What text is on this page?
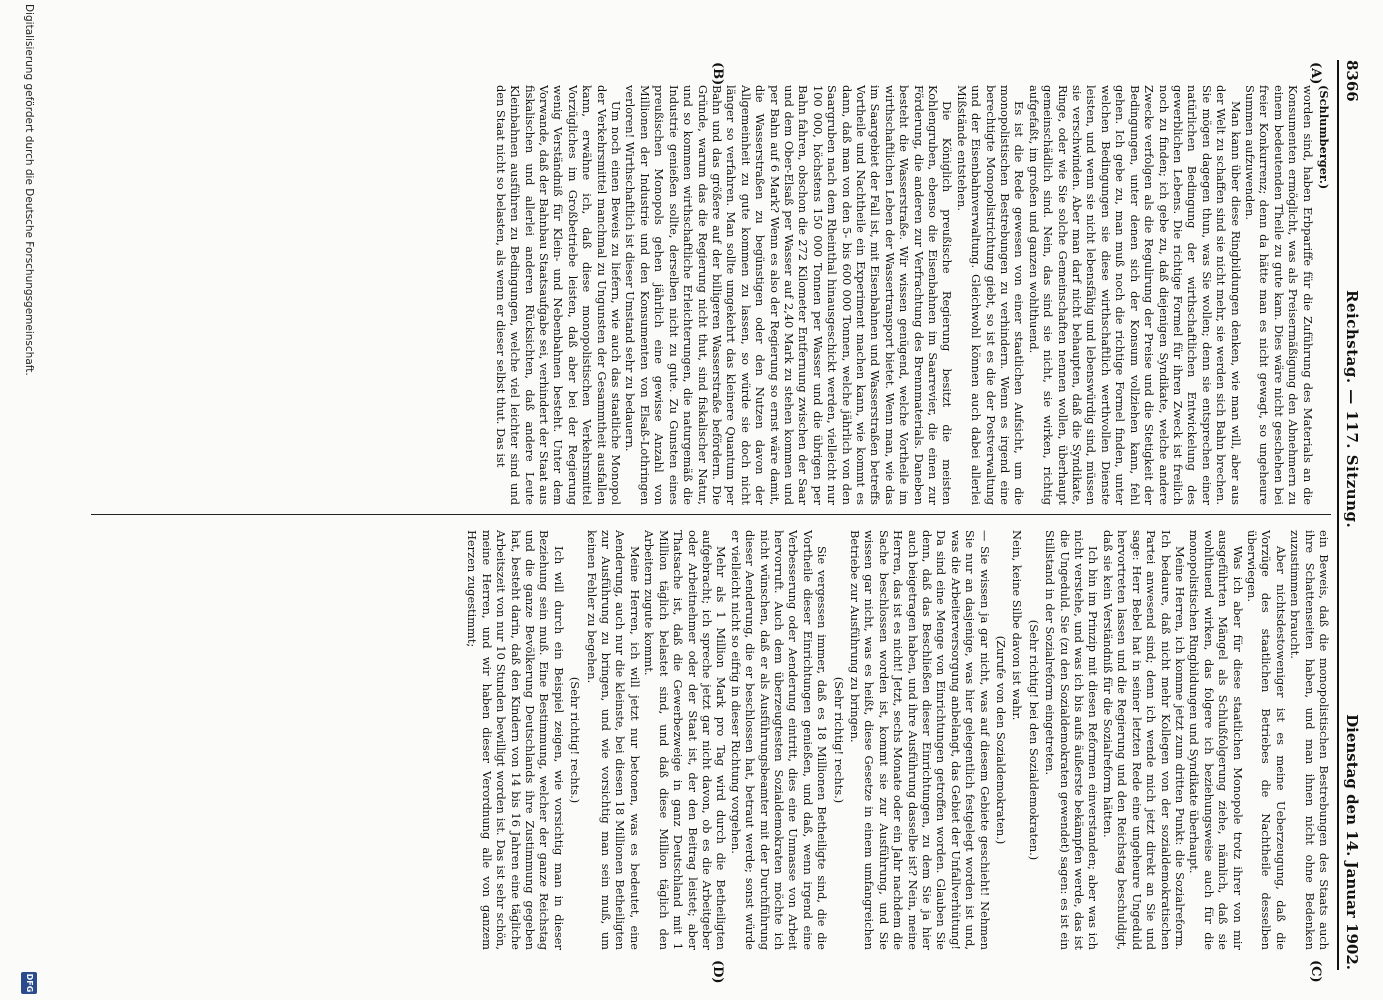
8366
Reichstag. — 117. Sitzung.
Dienstag den 14. Januar 1902.
(A)
(B)
(C)
(D)

(Schlumberger.)

worden sind, haben Erbpariffe für die Zuführung des Materials an die Konsumenten ermöglicht, was als Preisermäßigung den Abnehmern zu einem bedeutenden Theile zu gute kam. Dies wäre nicht geschehen bei freier Konkurrenz; denn da hätte man es nicht gewagt, so ungeheure Summen aufzuwenden.

Man kann über diese Ringbildungen denken, wie man will, aber aus der Welt zu schaffen sind sie nicht mehr, sie werden sich Bahn brechen. Sie mögen dagegen thun, was Sie wollen; denn sie entsprechen einer natürlichen Bedingung der wirthschaftlichen Entwickelung des gewerblichen Lebens. Die richtige Formel für ihren Zweck ist freilich noch zu finden; ich gebe zu, daß diejenigen Syndikate, welche andere Zwecke verfolgen als die Regulirung der Preise und die Stetigkeit der Bedingungen, unter denen sich der Konsum vollziehen kann, fehl gehen. Ich gebe zu, man muß noch die richtige Formel finden, unter welchen Bedingungen sie diese wirthschaftlich werthvollen Dienste leisten, und wenn sie nicht lebensfähig und lebenswürdig sind, müssen sie verschwinden. Aber man darf nicht behaupten, daß die Syndikate, Ringe, oder wie Sie solche Gemeinschaften nennen wollen, überhaupt gemeinschädlich sind. Nein, das sind sie nicht, sie wirken, richtig aufgefaßt, im großen und ganzen wohlthuend.

Es ist die Rede gewesen von einer staatlichen Aufsicht, um die monopolistischen Bestrebungen zu verhindern. Wenn es irgend eine berechtigte Monopolistrichtung giebt, so ist es die der Postverwaltung und der Eisenbahnverwaltung. Gleichwohl können auch dabei allerlei Mißstände entstehen.

Die Königlich preußische Regierung besitzt die meisten Kohlengruben, ebenso die Eisenbahnen im Saarrevier, die einen zur Förderung, die anderen zur Verfrachtung des Brennmaterials. Daneben besteht die Wasserstraße. Wir wissen genügend, welche Vortheile im wirthschaftlichen Leben der Wassertransport bietet. Wenn man, wie das im Saargebiet der Fall ist, mit Eisenbahnen und Wasserstraßen betreffs Vortheile und Nachtheile ein Experiment machen kann, wie kommt es dann, daß man von den 5- bis 600 000 Tonnen, welche jährlich von den Saargruben nach dem Rheinthal hinausgeschickt werden, vielleicht nur 100 000, höchstens 150 000 Tonnen per Wasser und die übrigen per Bahn fahren, obschon die 272 Kilometer Entfernung zwischen der Saar und dem Ober-Elsaß per Wasser auf 2,40 Mark zu stehen kommen und per Bahn auf 6 Mark? Wenn es also der Regierung so ernst wäre damit, die Wasserstraßen zu begünstigen oder den Nutzen davon der Allgemeinheit zu gute kommen zu lassen, so würde sie doch nicht länger so verfahren. Man sollte umgekehrt das kleinere Quantum per Bahn und das größere auf der billigeren Wasserstraße befördern. Die Gründe, warum das die Regierung nicht thut, sind fiskalischer Natur, und so kommen wirthschaftliche Erleichterungen, die naturgemäß die Industrie genießen sollte, derselben nicht zu gute. Zu Gunsten eines preußischen Monopols gehen jährlich eine gewisse Anzahl von Millionen der Industrie und den Konsumenten von Elsaß-Lothringen verloren! Wirthschaftlich ist dieser Umstand sehr zu bedauern.

Um noch einen Beweis zu liefern, wie auch das staatliche Monopol der Verkehrsmittel manchmal zu Ungunsten der Gesammtheit ausfallen kann, erwähne ich, daß diese monopolistischen Verkehrsmittel Vorzügliches im Großbetriebe leisten, daß aber bei der Regierung wenig Verständniß für Klein- und Nebenbahnen besteht. Unter dem Vorwande, daß der Bahnbau Staatsaufgabe sei, verhindert der Staat aus fiskalischen und allerlei anderen Rücksichten, daß andere Leute Kleinbahnen ausführen zu Bedingungen, welche viel leichter sind und den Staat nicht so belasten, als wenn er dieser selbst thut. Das ist

ein Beweis, daß die monopolistischen Bestrebungen des Staats auch ihre Schattenseiten haben, und man ihnen nicht ohne Bedenken zuzustimmen braucht.

Aber nichtsdestoweniger ist es meine Ueberzeugung, daß die Vorzüge des staatlichen Betriebes die Nachtheile desselben überwiegen.

Was ich aber für diese staatlichen Monopole trotz ihrer von mir ausgeführten Mängel als Schlußfolgerung ziehe, nämlich, daß sie wohlthuend wirken, das folgere ich beziehungsweise auch für die monopolistischen Ringbildungen und Syndikate überhaupt.

Meine Herren, ich komme jetzt zum dritten Punkt: die Sozialreform. Ich bedaure, daß nicht mehr Kollegen von der sozialdemokratischen Partei anwesend sind; denn ich wende mich jetzt direkt an Sie und sage: Herr Bebel hat in seiner letzten Rede eine ungeheure Ungeduld hervortreten lassen und die Regierung und den Reichstag beschuldigt, daß sie kein Verständniß für die Sozialreform hätten.

Ich bin im Prinzip mit diesen Reformen einverstanden; aber was ich nicht verstehe, und was ich bis aufs äußerste bekämpfen werde, das ist die Ungeduld. Sie (zu den Sozialdemokraten gewendet) sagen: es ist ein Stillstand in der Sozialreform eingetreten.

(Sehr richtig! bei den Sozialdemokraten.)

Nein, keine Silbe davon ist wahr.

(Zurufe von den Sozialdemokraten.)

— Sie wissen ja gar nicht, was auf diesem Gebiete geschieht! Nehmen Sie nur an dasjenige, was hier gelegentlich festgelegt worden ist und, was die Arbeiterversorgung anbelangt, das Gebiet der Unfallverhütung! Da sind eine Menge von Einrichtungen getroffen worden. Glauben Sie denn, daß das Beschließen dieser Einrichtungen, zu dem Sie ja hier auch beigetragen haben, und ihre Ausführung dasselbe ist? Nein, meine Herren, das ist es nicht! Jetzt, sechs Monate oder ein Jahr nachdem die Sache beschlossen worden ist, kommt sie zur Ausführung, und Sie wissen gar nicht, was es heißt, diese Gesetze in einem umfangreichen Betriebe zur Ausführung zu bringen.

(Sehr richtig! rechts.)

Sie vergessen immer, daß es 18 Millionen Betheiligte sind, die die Vortheile dieser Einrichtungen genießen, und daß, wenn irgend eine Verbesserung oder Aenderung eintritt, dies eine Unmasse von Arbeit hervorruft. Auch dem überzeugtesten Sozialdemokraten möchte ich nicht wünschen, daß er als Ausführungsbeamter mit der Durchführung dieser Aenderung, die er beschlossen hat, betraut werde; sonst würde er vielleicht nicht so eifrig in dieser Richtung vorgehen.

Mehr als 1 Million Mark pro Tag wird durch die Betheiligten aufgebracht; ich spreche jetzt gar nicht davon, ob es die Arbeitgeber oder Arbeitnehmer oder der Staat ist, der den Beitrag leistet; aber Thatsache ist, daß die Gewerbezweige in ganz Deutschland mit 1 Million täglich belastet sind, und daß diese Million täglich den Arbeitern zugute kommt.

Meine Herren, ich will jetzt nur betonen, was es bedeutet, eine Aenderung, auch nur die kleinste, bei diesen 18 Millionen Betheiligten zur Ausführung zu bringen, und wie vorsichtig man sein muß, um keinen Fehler zu begehen.

(Sehr richtig! rechts.)

Ich will durch ein Beispiel zeigen, wie vorsichtig man in dieser Beziehung sein muß. Eine Bestimmung, welcher der ganze Reichstag und die ganze Bevölkerung Deutschlands ihre Zustimmung gegeben hat, besteht darin, daß den Kindern von 14 bis 16 Jahren eine tägliche Arbeitszeit von nur 10 Stunden bewilligt worden ist. Das ist sehr schön, meine Herren, und wir haben dieser Verordnung alle von ganzem Herzen zugestimmt;

Digitalisierung gefördert durch die Deutsche Forschungsgemeinschaft.
DFG
